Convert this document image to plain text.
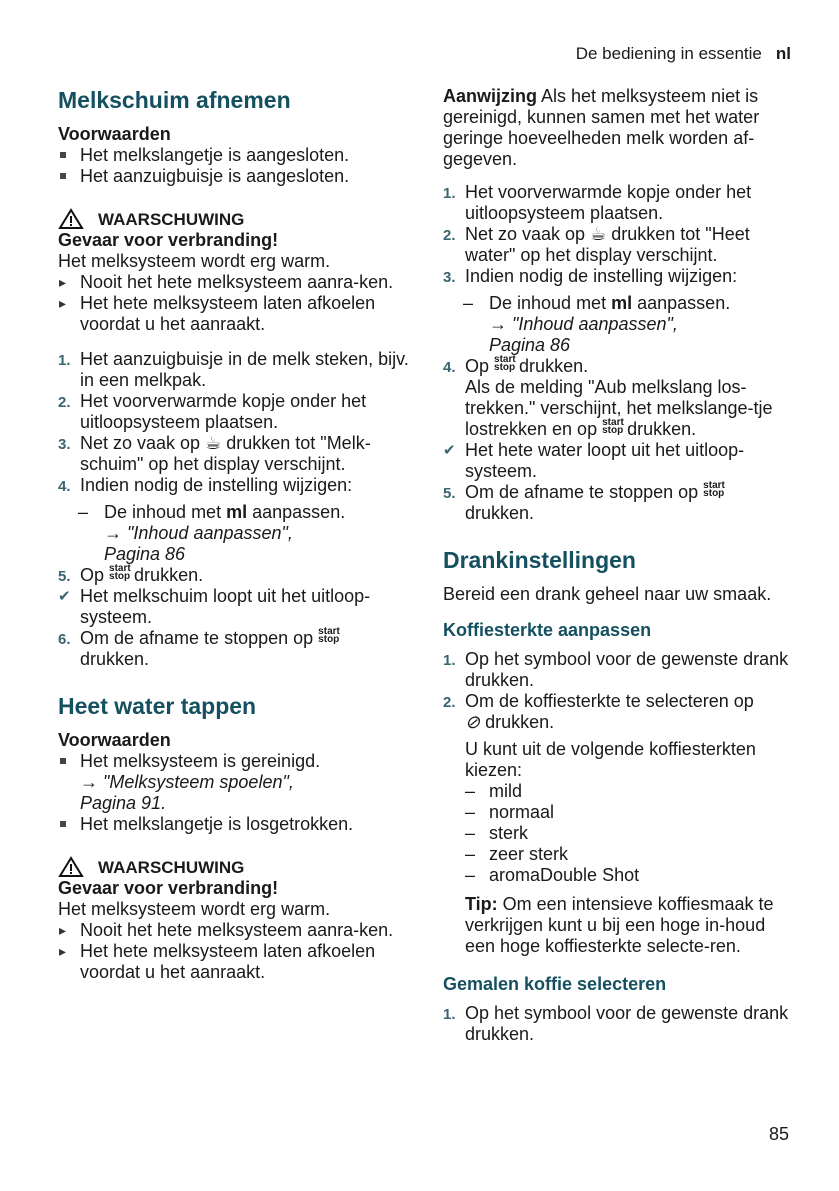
De bediening in essentie nl
Melkschuim afnemen
Voorwaarden
Het melkslangetje is aangesloten.
Het aanzuigbuisje is aangesloten.
WAARSCHUWING
Gevaar voor verbranding!
Het melksysteem wordt erg warm.
▸ Nooit het hete melksysteem aanra-ken.
▸ Het hete melksysteem laten afkoelen voordat u het aanraakt.
1. Het aanzuigbuisje in de melk steken, bijv. in een melkpak.
2. Het voorverwarmde kopje onder het uitloopsysteem plaatsen.
3. Net zo vaak op ☕︎ drukken tot "Melk-schuim" op het display verschijnt.
4. Indien nodig de instelling wijzigen:
– De inhoud met ml aanpassen.
→ "Inhoud aanpassen",
Pagina 86
5. Op start
stop drukken.
✔ Het melkschuim loopt uit het uitloop-systeem.
6. Om de afname te stoppen op start
stop
drukken.
Heet water tappen
Voorwaarden
Het melksysteem is gereinigd.
→ "Melksysteem spoelen",
Pagina 91.
Het melkslangetje is losgetrokken.
WAARSCHUWING
Gevaar voor verbranding!
Het melksysteem wordt erg warm.
▸ Nooit het hete melksysteem aanra-ken.
▸ Het hete melksysteem laten afkoelen voordat u het aanraakt.
Aanwijzing Als het melksysteem niet is gereinigd, kunnen samen met het water geringe hoeveelheden melk worden af-gegeven.
1. Het voorverwarmde kopje onder het uitloopsysteem plaatsen.
2. Net zo vaak op ☕︎ drukken tot "Heet water" op het display verschijnt.
3. Indien nodig de instelling wijzigen:
– De inhoud met ml aanpassen.
→ "Inhoud aanpassen",
Pagina 86
4. Op start
stop drukken.
Als de melding "Aub melkslang los-trekken." verschijnt, het melkslange-tje lostrekken en op start
stop drukken.
✔ Het hete water loopt uit het uitloop-systeem.
5. Om de afname te stoppen op start
stop
drukken.
Drankinstellingen
Bereid een drank geheel naar uw smaak.
Koffiesterkte aanpassen
1. Op het symbool voor de gewenste drank drukken.
2. Om de koffiesterkte te selecteren op
⊘ drukken.
U kunt uit de volgende koffiesterkten kiezen:
– mild
– normaal
– sterk
– zeer sterk
– aromaDouble Shot
Tip: Om een intensieve koffiesmaak te verkrijgen kunt u bij een hoge in-houd een hoge koffiesterkte selecte-ren.
Gemalen koffie selecteren
1. Op het symbool voor de gewenste drank drukken.
85
